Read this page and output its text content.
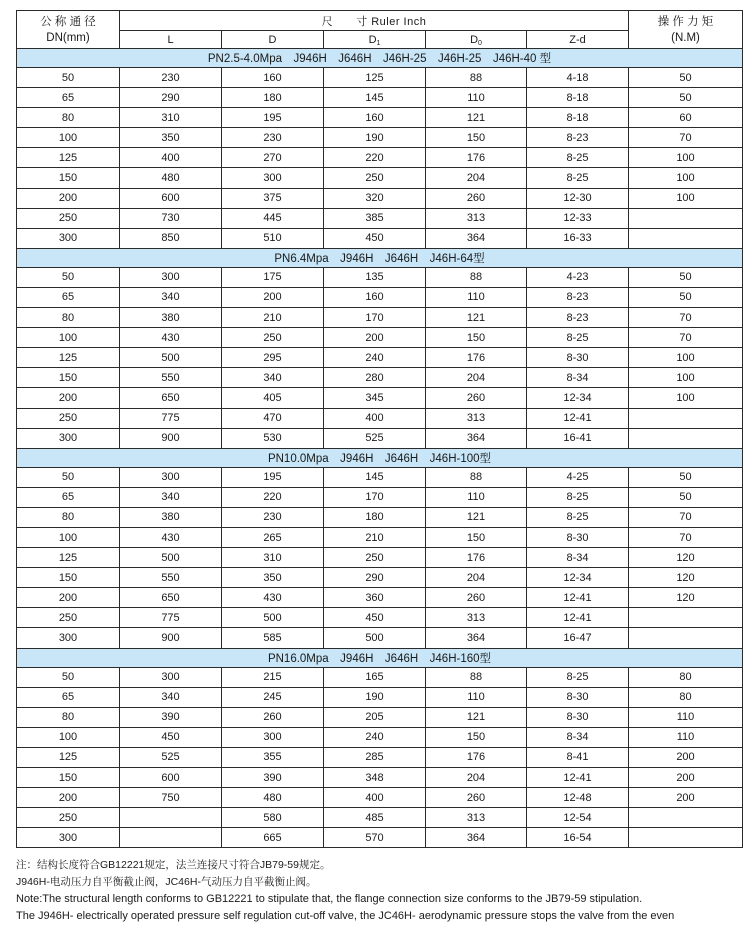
公 称 通 径
DN(mm)	尺　　寸 Ruler Inch					操 作 力 矩
(N.M)
	L	D	D1	D0	Z-d	
PN2.5-4.0Mpa　J946H　J646H　J46H-25　J46H-25　J46H-40 型						
50	230	160	125	88	4-18	50
65	290	180	145	110	8-18	50
80	310	195	160	121	8-18	60
100	350	230	190	150	8-23	70
125	400	270	220	176	8-25	100
150	480	300	250	204	8-25	100
200	600	375	320	260	12-30	100
250	730	445	385	313	12-33	
300	850	510	450	364	16-33	
PN6.4Mpa　J946H　J646H　J46H-64型						
50	300	175	135	88	4-23	50
65	340	200	160	110	8-23	50
80	380	210	170	121	8-23	70
100	430	250	200	150	8-25	70
125	500	295	240	176	8-30	100
150	550	340	280	204	8-34	100
200	650	405	345	260	12-34	100
250	775	470	400	313	12-41	
300	900	530	525	364	16-41	
PN10.0Mpa　J946H　J646H　J46H-100型						
50	300	195	145	88	4-25	50
65	340	220	170	110	8-25	50
80	380	230	180	121	8-25	70
100	430	265	210	150	8-30	70
125	500	310	250	176	8-34	120
150	550	350	290	204	12-34	120
200	650	430	360	260	12-41	120
250	775	500	450	313	12-41	
300	900	585	500	364	16-47	
PN16.0Mpa　J946H　J646H　J46H-160型						
50	300	215	165	88	8-25	80
65	340	245	190	110	8-30	80
80	390	260	205	121	8-30	110
100	450	300	240	150	8-34	110
125	525	355	285	176	8-41	200
150	600	390	348	204	12-41	200
200	750	480	400	260	12-48	200
250		580	485	313	12-54	
300		665	570	364	16-54	
注：结构长度符合GB12221规定，法兰连接尺寸符合JB79-59规定。
J946H-电动压力自平衡截止阀，JC46H-气动压力自平截衡止阀。
Note:The structural length conforms to GB12221 to stipulate that, the flange connection size conforms to the JB79-59 stipulation.
The J946H- electrically operated pressure self regulation cut-off valve, the JC46H- aerodynamic pressure stops the valve from the even
